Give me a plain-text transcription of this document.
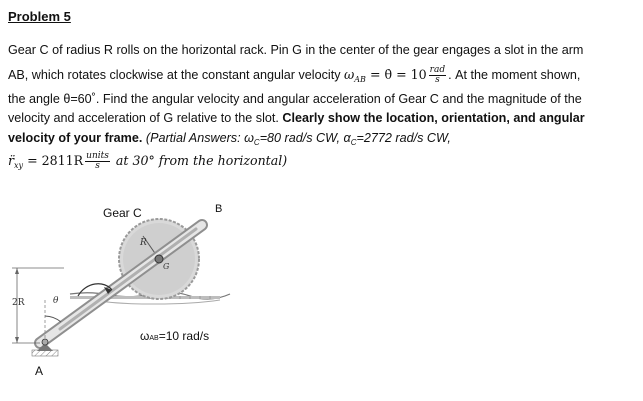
Problem 5
Gear C of radius R rolls on the horizontal rack. Pin G in the center of the gear engages a slot in the arm
AB, which rotates clockwise at the constant angular velocity $\omega_{AB}$ = θ̇ = $10 \frac{\text{rad}}{s}$ . At the moment shown,
the angle θ=60˚. Find the angular velocity and angular acceleration of Gear C and the magnitude of the
velocity and acceleration of G relative to the slot. Clearly show the location, orientation, and angular
velocity of your frame. (Partial Answers: $\omega_C=80$ rad/s CW, $\alpha_C=2772$ rad/s CW,
$r̈_{xy} = 2811R \frac{\text{units}}{s}$ at 30° from the horizontal)
Gear C	B
A
R
G
θ
2R
ωAB=10 rad/s
